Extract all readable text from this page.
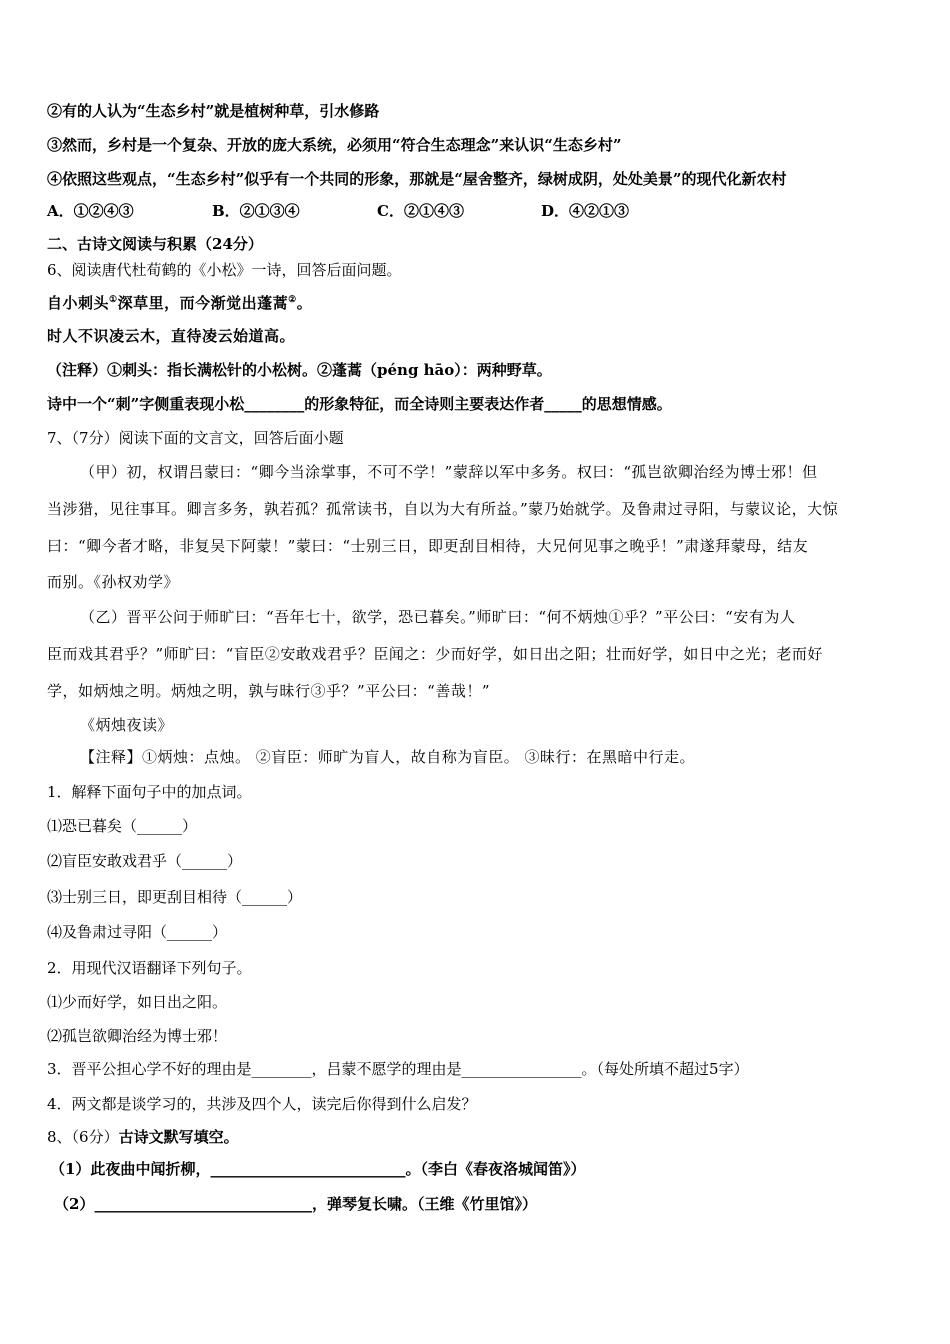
②有的人认为“生态乡村”就是植树种草，引水修路
③然而，乡村是一个复杂、开放的庞大系统，必须用“符合生态理念”来认识“生态乡村”
④依照这些观点，“生态乡村”似乎有一个共同的形象，那就是“屋舍整齐，绿树成阴，处处美景”的现代化新农村
A．①②④③	B．②①③④	C．②①④③	D．④②①③
二、古诗文阅读与积累（24分）
6、阅读唐代杜荀鹤的《小松》一诗，回答后面问题。
自小刺头①深草里，而今渐觉出蓬蒿②。
时人不识凌云木，直待凌云始道高。
（注释）①刺头：指长满松针的小松树。②蓬蒿（péng hāo）：两种野草。
诗中一个“刺”字侧重表现小松________的形象特征，而全诗则主要表达作者_____的思想情感。
7、（7分）阅读下面的文言文，回答后面小题
（甲）初，权谓吕蒙曰：“卿今当涂掌事，不可不学！”蒙辞以军中多务。权曰：“孤岂欲卿治经为博士邪！但
当涉猎，见往事耳。卿言多务，孰若孤？孤常读书，自以为大有所益。”蒙乃始就学。及鲁肃过寻阳，与蒙议论，大惊
曰：“卿今者才略，非复吴下阿蒙！”蒙曰：“士别三日，即更刮目相待，大兄何见事之晚乎！”肃遂拜蒙母，结友
而别。《孙权劝学》
（乙）晋平公问于师旷曰：“吾年七十，欲学，恐已暮矣。”师旷曰：“何不炳烛①乎？”平公曰：“安有为人
臣而戏其君乎？”师旷曰：“盲臣②安敢戏君乎？臣闻之：少而好学，如日出之阳；壮而好学，如日中之光；老而好
学，如炳烛之明。炳烛之明，孰与昧行③乎？”平公曰：“善哉！”
《炳烛夜读》
【注释】①炳烛：点烛。 ②盲臣：师旷为盲人，故自称为盲臣。 ③昧行：在黑暗中行走。
1．解释下面句子中的加点词。
⑴恐已暮矣（______）
⑵盲臣安敢戏君乎（______）
⑶士别三日，即更刮目相待（______）
⑷及鲁肃过寻阳（______）
2．用现代汉语翻译下列句子。
⑴少而好学，如日出之阳。
⑵孤岂欲卿治经为博士邪！
3．晋平公担心学不好的理由是________，吕蒙不愿学的理由是________________。（每处所填不超过5字）
4．两文都是谈学习的，共涉及四个人，读完后你得到什么启发？
8、（6分）古诗文默写填空。
（1）此夜曲中闻折柳，__________________________。（李白《春夜洛城闻笛》）
（2）_____________________________，弹琴复长啸。（王维《竹里馆》）
